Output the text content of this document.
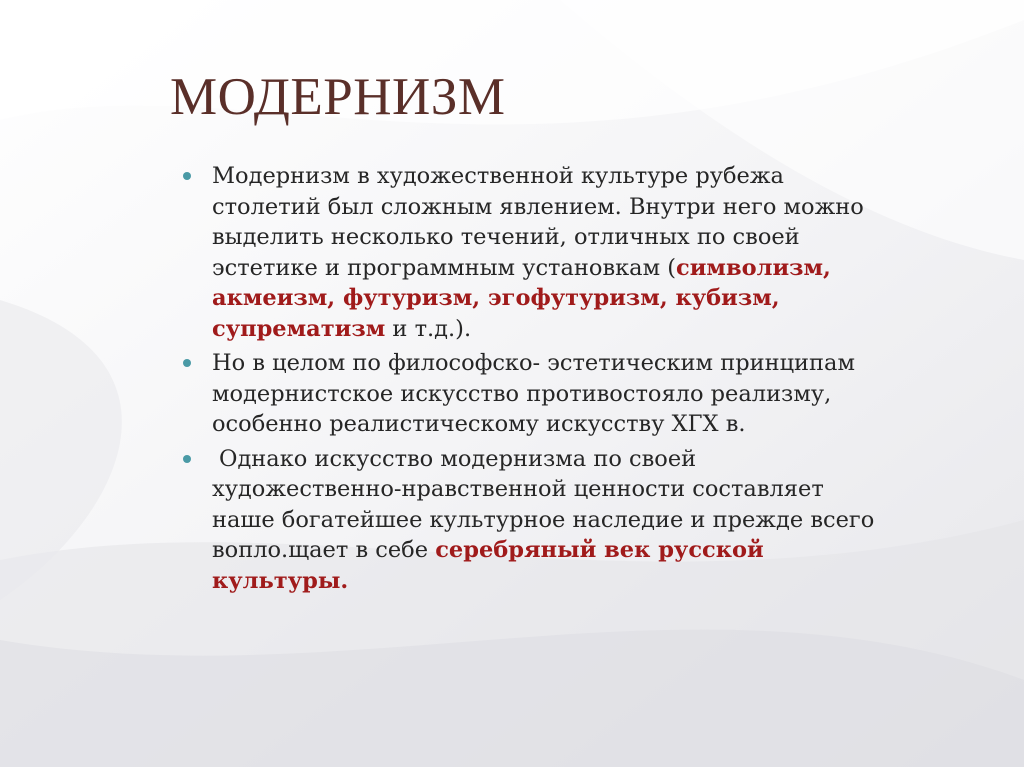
МОДЕРНИЗМ
Модернизм в художественной культуре рубежа
столетий был сложным явлением. Внутри него можно
выделить несколько течений, отличных по своей
эстетике и программным установкам (символизм,
акмеизм, футуризм, эгофутуризм, кубизм,
супрематизм и т.д.).
Но в целом по философско- эстетическим принципам
модернистское искусство противостояло реализму,
особенно реалистическому искусству ХГХ в.
Однако искусство модернизма по своей
художественно-нравственной ценности составляет
наше богатейшее культурное наследие и прежде всего
вопло.щает в себе серебряный век русской
культуры.
